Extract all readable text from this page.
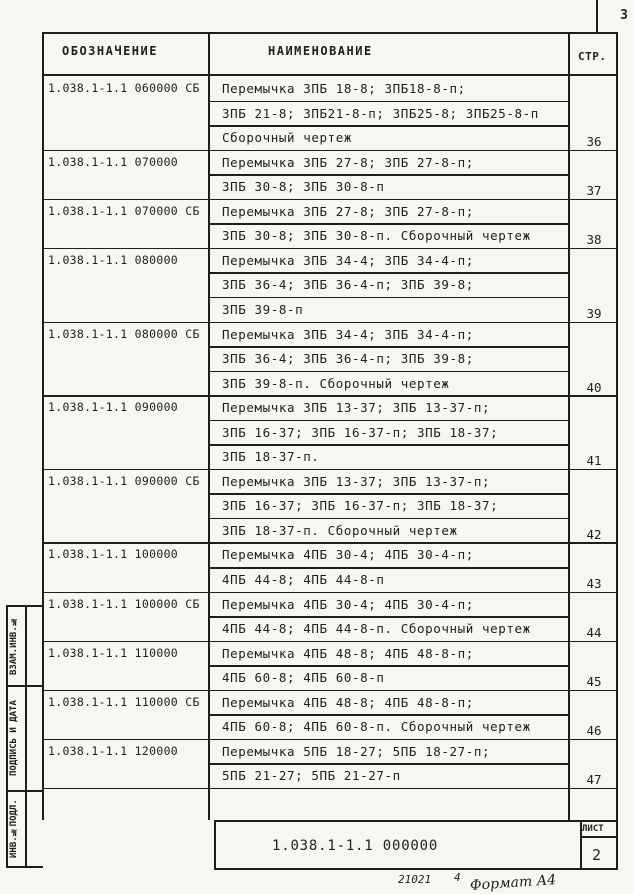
3
ОБОЗНАЧЕНИЕ	НАИМЕНОВАНИЕ	СТР.
1.038.1-1.1 060000 СБ Перемычка 3ПБ 18-8; 3ПБ18-8-п;
3ПБ 21-8; 3ПБ21-8-п; 3ПБ25-8; 3ПБ25-8-п
Сборочный чертеж	36
1.038.1-1.1 070000	Перемычка 3ПБ 27-8; 3ПБ 27-8-п;
3ПБ 30-8; 3ПБ 30-8-п	37
1.038.1-1.1 070000 СБ Перемычка 3ПБ 27-8; 3ПБ 27-8-п;
3ПБ 30-8; 3ПБ 30-8-п. Сборочный чертеж	38
1.038.1-1.1 080000	Перемычка 3ПБ 34-4; 3ПБ 34-4-п;
3ПБ 36-4; 3ПБ 36-4-п; 3ПБ 39-8;
3ПБ 39-8-п	39
1.038.1-1.1 080000 СБ Перемычка 3ПБ 34-4; 3ПБ 34-4-п;
3ПБ 36-4; 3ПБ 36-4-п; 3ПБ 39-8;
3ПБ 39-8-п. Сборочный чертеж	40
1.038.1-1.1 090000	Перемычка 3ПБ 13-37; 3ПБ 13-37-п;
3ПБ 16-37; 3ПБ 16-37-п; 3ПБ 18-37;
3ПБ 18-37-п.	41
1.038.1-1.1 090000 СБ Перемычка 3ПБ 13-37; 3ПБ 13-37-п;
3ПБ 16-37; 3ПБ 16-37-п; 3ПБ 18-37;
3ПБ 18-37-п. Сборочный чертеж	42
1.038.1-1.1 100000	Перемычка 4ПБ 30-4; 4ПБ 30-4-п;
4ПБ 44-8; 4ПБ 44-8-п	43
1.038.1-1.1 100000 СБ Перемычка 4ПБ 30-4; 4ПБ 30-4-п;
4ПБ 44-8; 4ПБ 44-8-п. Сборочный чертеж	44
1.038.1-1.1 110000	Перемычка 4ПБ 48-8; 4ПБ 48-8-п;
4ПБ 60-8; 4ПБ 60-8-п	45
1.038.1-1.1 110000 СБ Перемычка 4ПБ 48-8; 4ПБ 48-8-п;
4ПБ 60-8; 4ПБ 60-8-п. Сборочный чертеж	46
1.038.1-1.1 120000	Перемычка 5ПБ 18-27; 5ПБ 18-27-п;
5ПБ 21-27; 5ПБ 21-27-п	47
1.038.1-1.1 000000
ЛИСТ
2
ВЗАМ.ИНВ.№
ПОДПИСЬ И ДАТА
ИНВ.№ПОДЛ.
21021 4 Формат А4
